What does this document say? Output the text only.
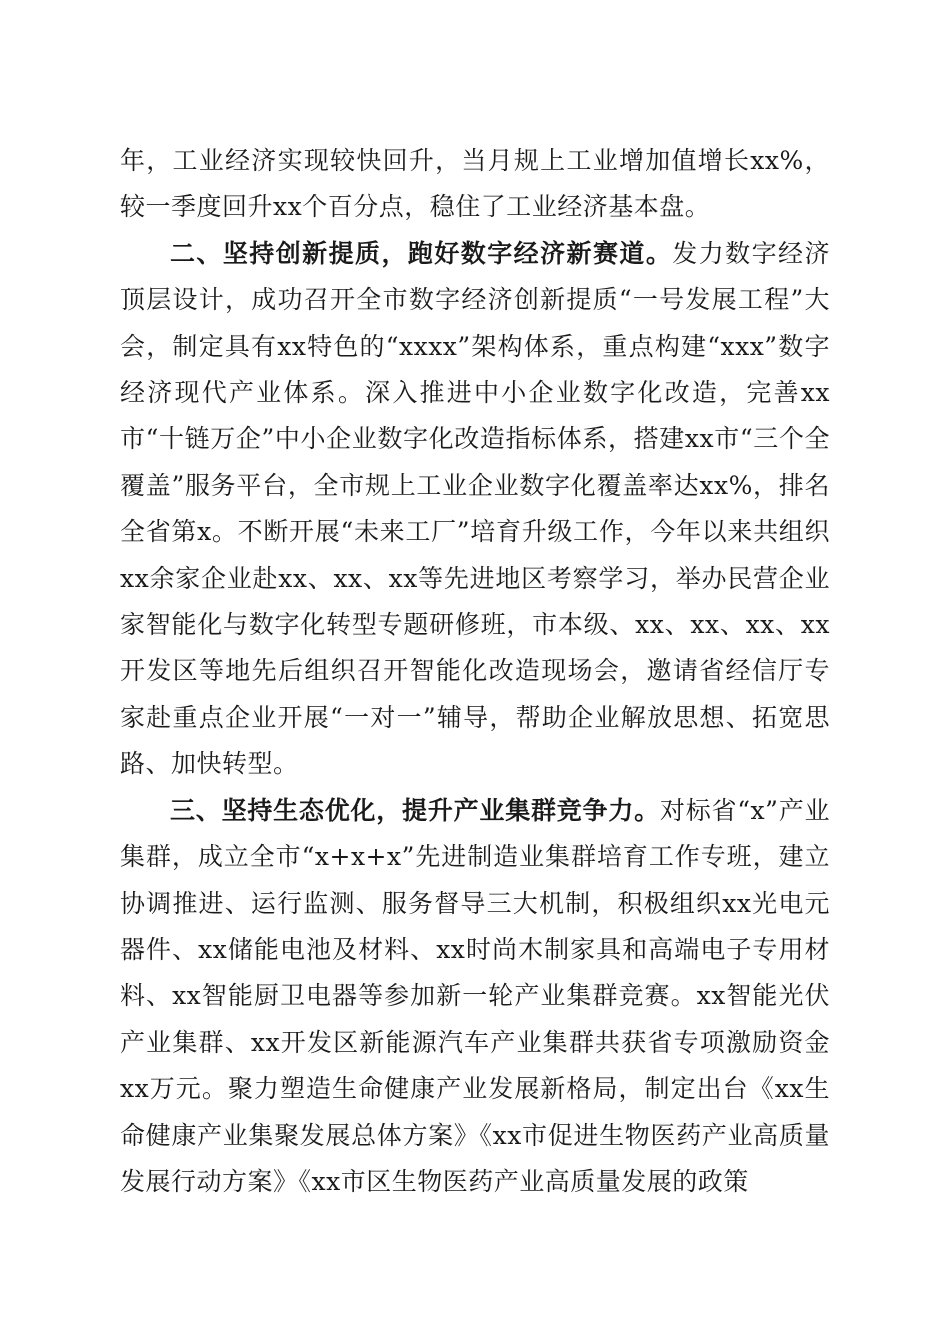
年，工业经济实现较快回升，当月规上工业增加值增长xx%，较一季度回升xx个百分点，稳住了工业经济基本盘。

二、坚持创新提质，跑好数字经济新赛道。发力数字经济顶层设计，成功召开全市数字经济创新提质“一号发展工程”大会，制定具有xx特色的“xxxx”架构体系，重点构建“xxx”数字经济现代产业体系。深入推进中小企业数字化改造，完善xx市“十链万企”中小企业数字化改造指标体系，搭建xx市“三个全覆盖”服务平台，全市规上工业企业数字化覆盖率达xx%，排名全省第x。不断开展“未来工厂”培育升级工作，今年以来共组织xx余家企业赴xx、xx、xx等先进地区考察学习，举办民营企业家智能化与数字化转型专题研修班，市本级、xx、xx、xx、xx开发区等地先后组织召开智能化改造现场会，邀请省经信厅专家赴重点企业开展“一对一”辅导，帮助企业解放思想、拓宽思路、加快转型。

三、坚持生态优化，提升产业集群竞争力。对标省“x”产业集群，成立全市“x+x+x”先进制造业集群培育工作专班，建立协调推进、运行监测、服务督导三大机制，积极组织xx光电元器件、xx储能电池及材料、xx时尚木制家具和高端电子专用材料、xx智能厨卫电器等参加新一轮产业集群竞赛。xx智能光伏产业集群、xx开发区新能源汽车产业集群共获省专项激励资金xx万元。聚力塑造生命健康产业发展新格局，制定出台《xx生命健康产业集聚发展总体方案》《xx市促进生物医药产业高质量发展行动方案》《xx市区生物医药产业高质量发展的政策
